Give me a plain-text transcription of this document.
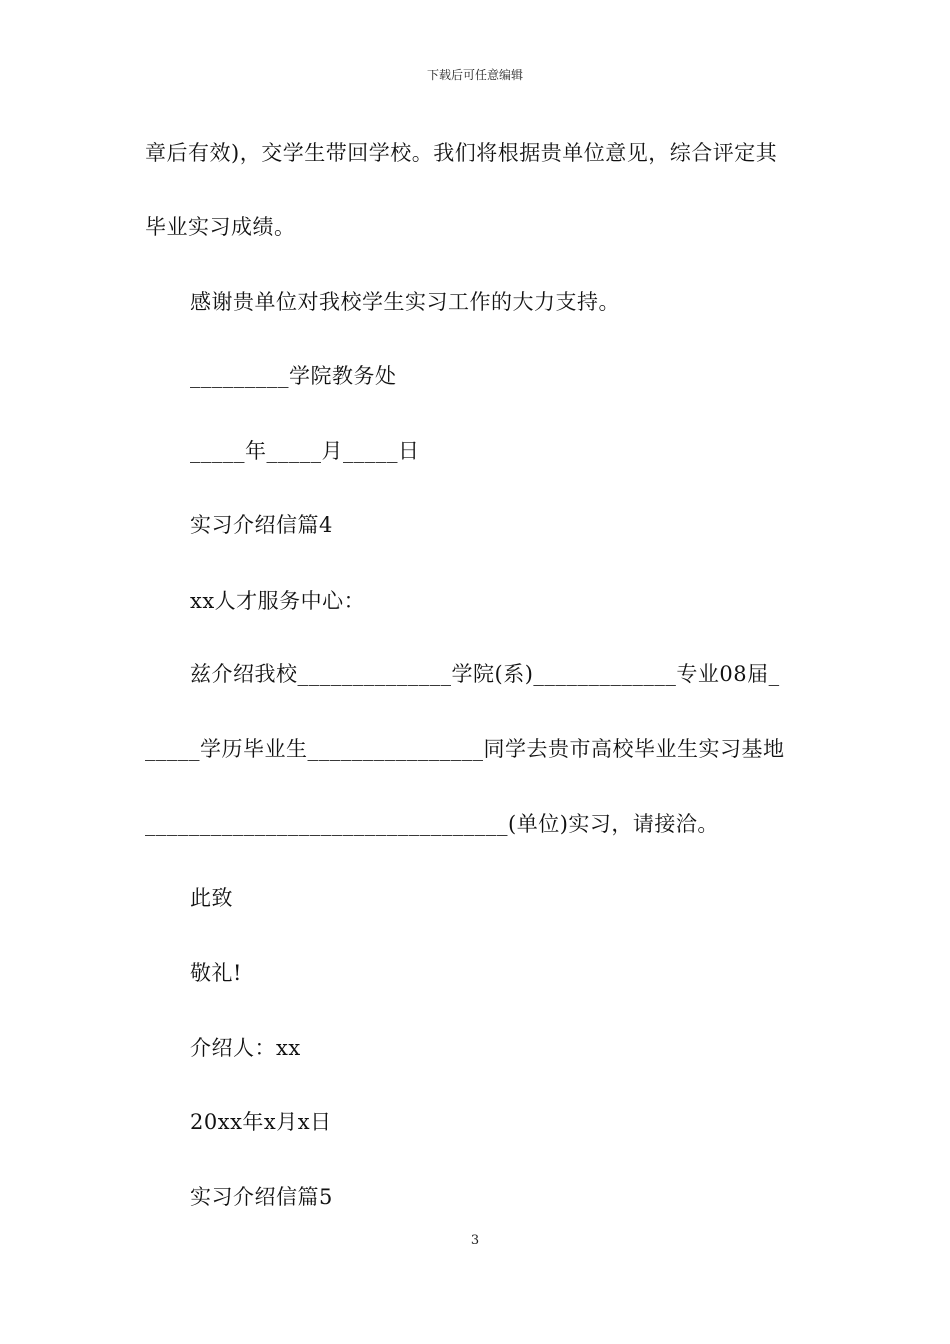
下载后可任意编辑
章后有效)，交学生带回学校。我们将根据贵单位意见，综合评定其
毕业实习成绩。
感谢贵单位对我校学生实习工作的大力支持。
_________学院教务处
_____年_____月_____日
实习介绍信篇4
xx人才服务中心：
兹介绍我校______________学院(系)_____________专业08届_
_____学历毕业生________________同学去贵市高校毕业生实习基地
_________________________________(单位)实习，请接洽。
此致
敬礼!
介绍人：xx
20xx年x月x日
实习介绍信篇5
3
